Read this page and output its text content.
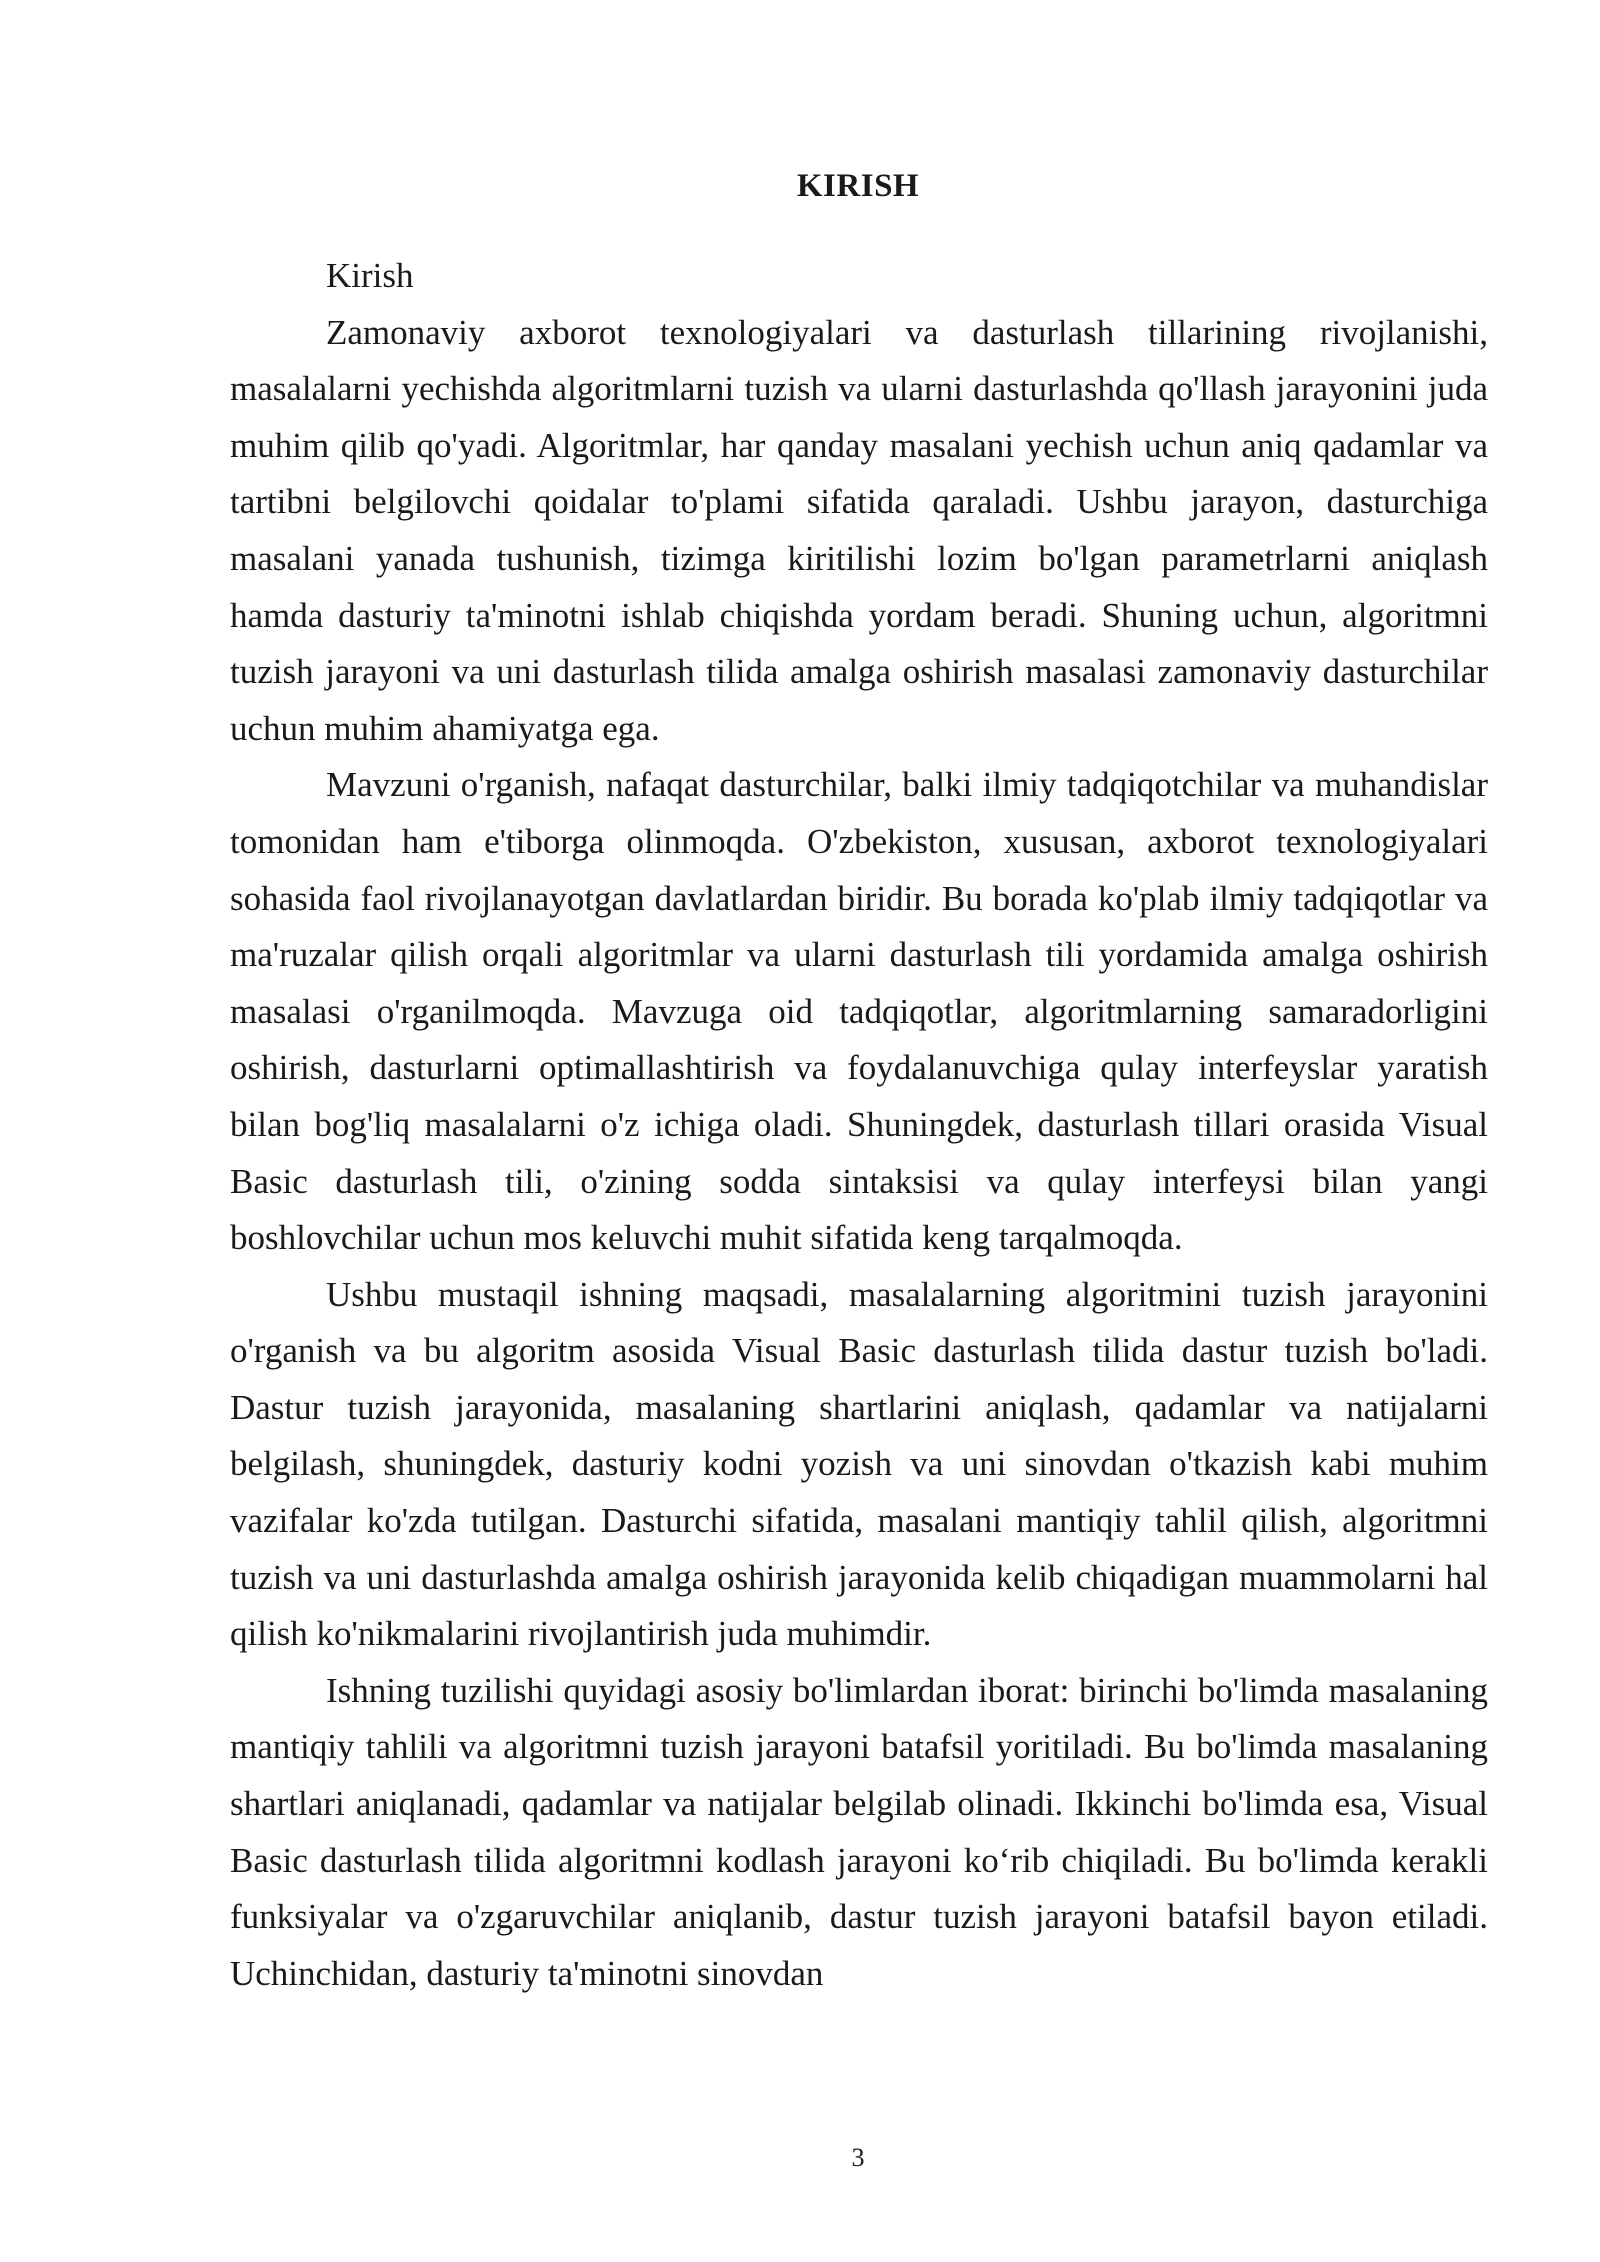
KIRISH

Kirish

Zamonaviy axborot texnologiyalari va dasturlash tillarining rivojlanishi, masalalarni yechishda algoritmlarni tuzish va ularni dasturlashda qo'llash jarayonini juda muhim qilib qo'yadi. Algoritmlar, har qanday masalani yechish uchun aniq qadamlar va tartibni belgilovchi qoidalar to'plami sifatida qaraladi. Ushbu jarayon, dasturchiga masalani yanada tushunish, tizimga kiritilishi lozim bo'lgan parametrlarni aniqlash hamda dasturiy ta'minotni ishlab chiqishda yordam beradi. Shuning uchun, algoritmni tuzish jarayoni va uni dasturlash tilida amalga oshirish masalasi zamonaviy dasturchilar uchun muhim ahamiyatga ega.

Mavzuni o'rganish, nafaqat dasturchilar, balki ilmiy tadqiqotchilar va muhandislar tomonidan ham e'tiborga olinmoqda. O'zbekiston, xususan, axborot texnologiyalari sohasida faol rivojlanayotgan davlatlardan biridir. Bu borada ko'plab ilmiy tadqiqotlar va ma'ruzalar qilish orqali algoritmlar va ularni dasturlash tili yordamida amalga oshirish masalasi o'rganilmoqda. Mavzuga oid tadqiqotlar, algoritmlarning samaradorligini oshirish, dasturlarni optimallashtirish va foydalanuvchiga qulay interfeyslar yaratish bilan bog'liq masalalarni o'z ichiga oladi. Shuningdek, dasturlash tillari orasida Visual Basic dasturlash tili, o'zining sodda sintaksisi va qulay interfeysi bilan yangi boshlovchilar uchun mos keluvchi muhit sifatida keng tarqalmoqda.

Ushbu mustaqil ishning maqsadi, masalalarning algoritmini tuzish jarayonini o'rganish va bu algoritm asosida Visual Basic dasturlash tilida dastur tuzish bo'ladi. Dastur tuzish jarayonida, masalaning shartlarini aniqlash, qadamlar va natijalarni belgilash, shuningdek, dasturiy kodni yozish va uni sinovdan o'tkazish kabi muhim vazifalar ko'zda tutilgan. Dasturchi sifatida, masalani mantiqiy tahlil qilish, algoritmni tuzish va uni dasturlashda amalga oshirish jarayonida kelib chiqadigan muammolarni hal qilish ko'nikmalarini rivojlantirish juda muhimdir.

Ishning tuzilishi quyidagi asosiy bo'limlardan iborat: birinchi bo'limda masalaning mantiqiy tahlili va algoritmni tuzish jarayoni batafsil yoritiladi. Bu bo'limda masalaning shartlari aniqlanadi, qadamlar va natijalar belgilab olinadi. Ikkinchi bo'limda esa, Visual Basic dasturlash tilida algoritmni kodlash jarayoni ko‘rib chiqiladi. Bu bo'limda kerakli funksiyalar va o'zgaruvchilar aniqlanib, dastur tuzish jarayoni batafsil bayon etiladi. Uchinchidan, dasturiy ta'minotni sinovdan

3
